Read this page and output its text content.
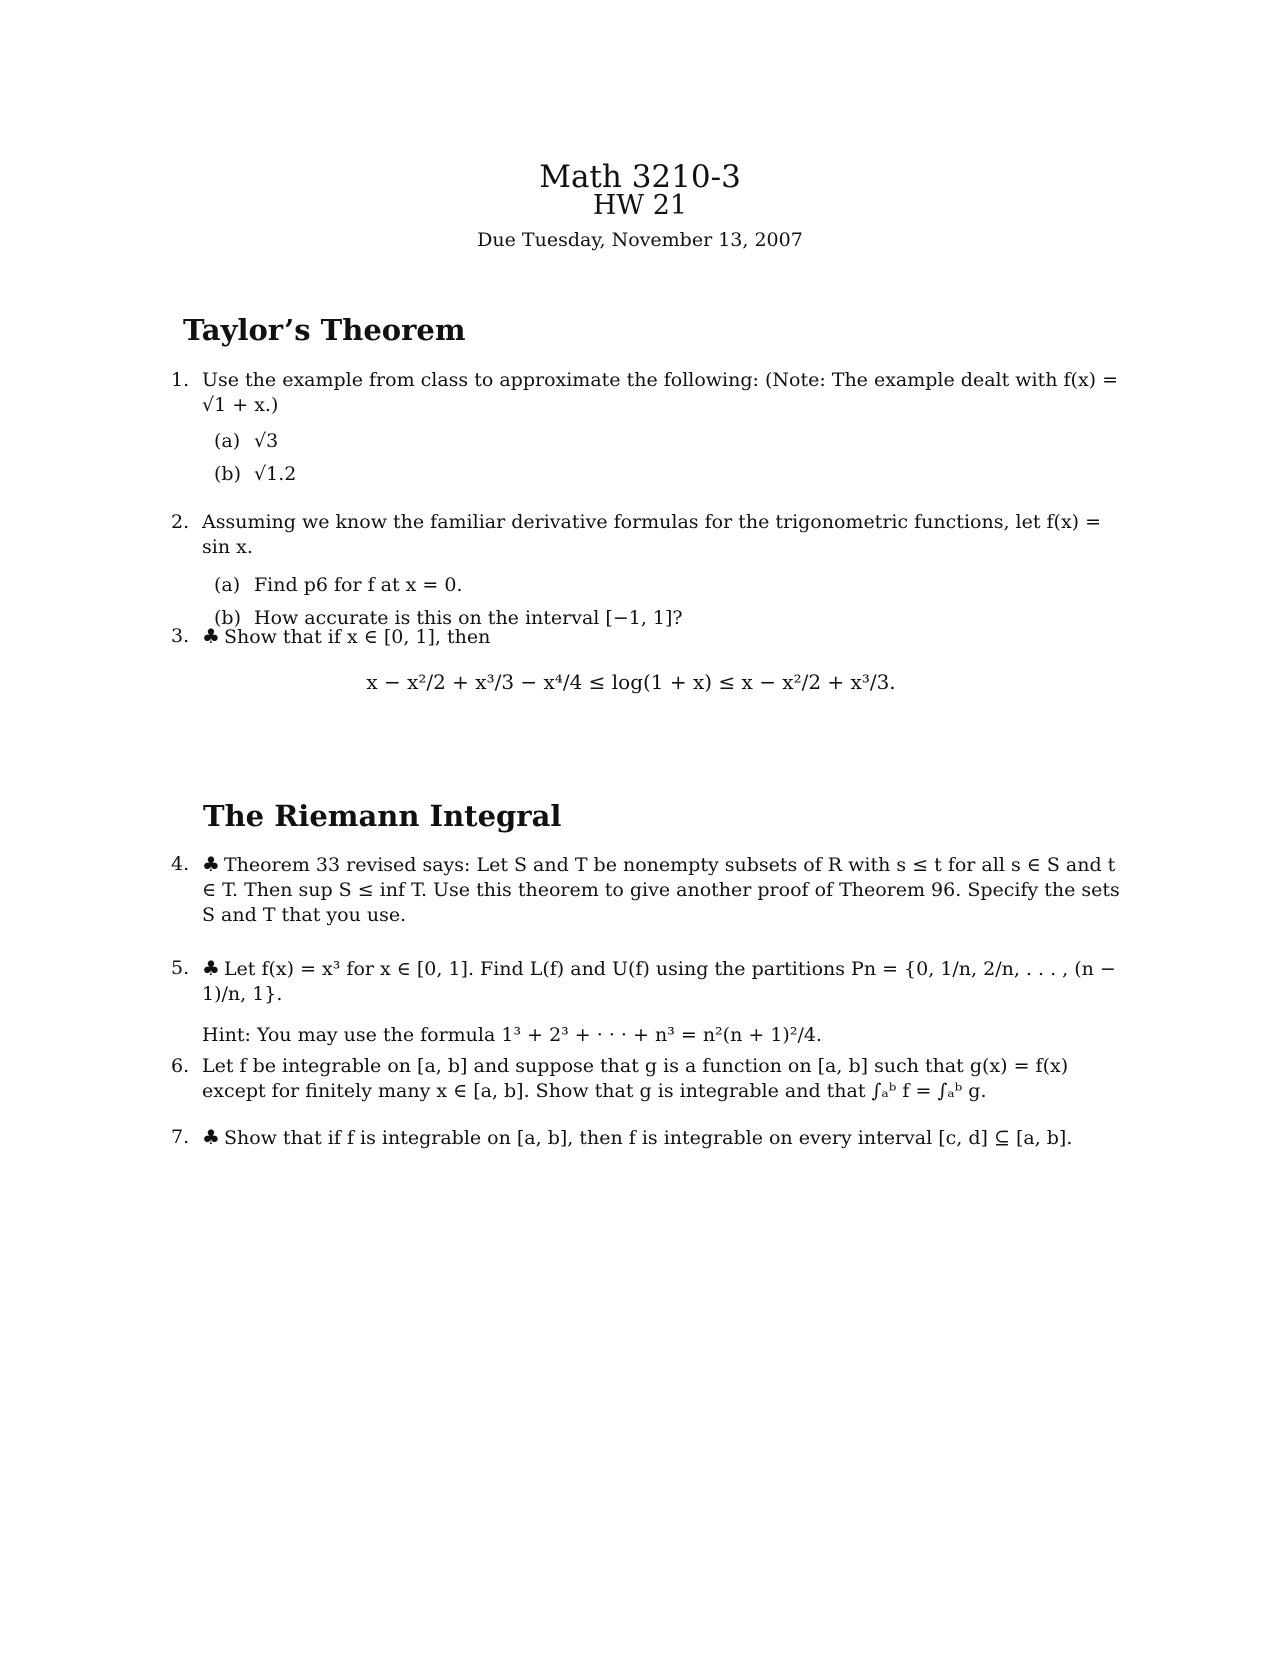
Math 3210-3
HW 21
Due Tuesday, November 13, 2007
Taylor’s Theorem
1. Use the example from class to approximate the following: (Note: The example dealt with f(x) = √1 + x.)
(a) √3
(b) √1.2
2. Assuming we know the familiar derivative formulas for the trigonometric functions, let f(x) = sin x.
(a) Find p6 for f at x = 0.
(b) How accurate is this on the interval [−1, 1]?
3. ♣ Show that if x ∈ [0, 1], then
x − x²/2 + x³/3 − x⁴/4 ≤ log(1 + x) ≤ x − x²/2 + x³/3.
The Riemann Integral
4. ♣ Theorem 33 revised says: Let S and T be nonempty subsets of R with s ≤ t for all s ∈ S and t ∈ T. Then sup S ≤ inf T. Use this theorem to give another proof of Theorem 96. Specify the sets S and T that you use.
5. ♣ Let f(x) = x³ for x ∈ [0, 1]. Find L(f) and U(f) using the partitions Pn = {0, 1/n, 2/n, . . . , (n − 1)/n, 1}.
Hint: You may use the formula 1³ + 2³ + · · · + n³ = n²(n + 1)²/4.
6. Let f be integrable on [a, b] and suppose that g is a function on [a, b] such that g(x) = f(x) except for finitely many x ∈ [a, b]. Show that g is integrable and that ∫ₐᵇ f = ∫ₐᵇ g.
7. ♣ Show that if f is integrable on [a, b], then f is integrable on every interval [c, d] ⊆ [a, b].
